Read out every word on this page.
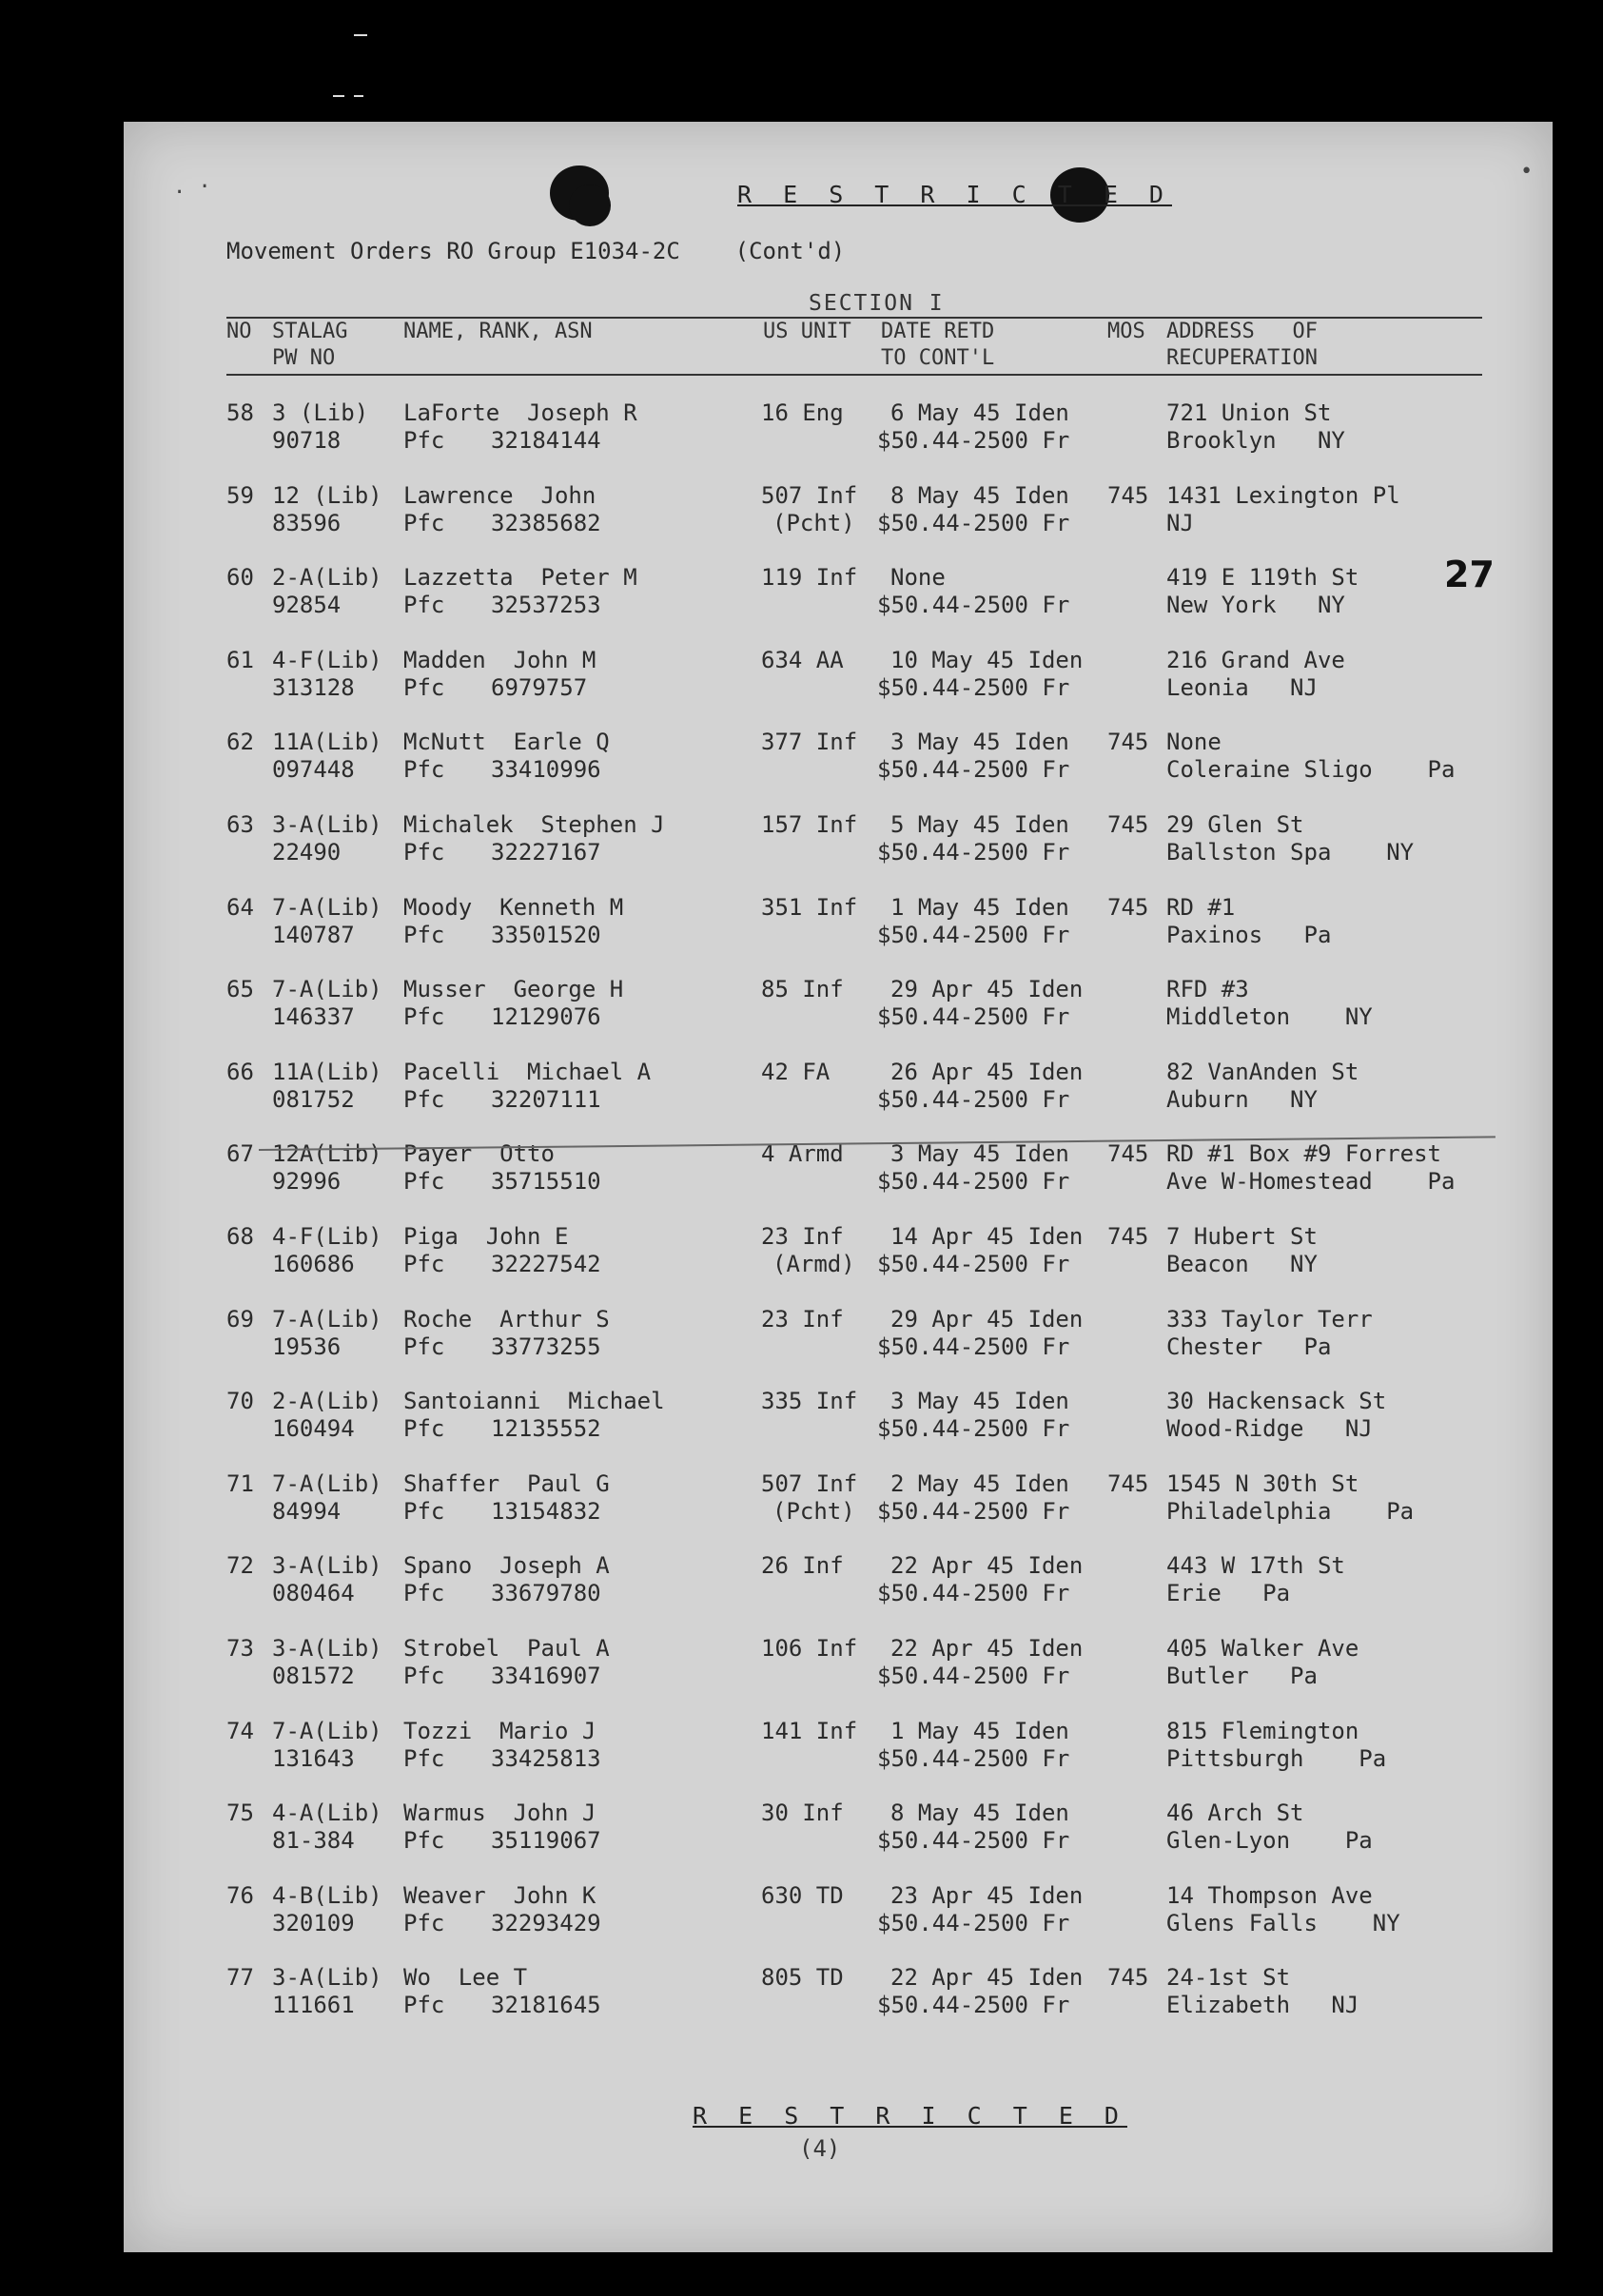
. ·
•
R E S T R I C T E D
Movement Orders RO Group E1034-2C (Cont'd)
SECTION I
NO STALAG
PW NO
NAME, RANK, ASN	US UNIT DATE RETD
TO CONT'L
MOS ADDRESS   OF
RECUPERATION
27
58 3 (Lib)
90718
LaForte  Joseph R
Pfc 32184144
16 Eng 6 May 45 Iden
$50.44-2500 Fr
721 Union St
Brooklyn   NY
59 12 (Lib)
83596
Lawrence  John
Pfc 32385682
507 Inf
(Pcht)
8 May 45 Iden
$50.44-2500 Fr
745 1431 Lexington Pl
NJ
60 2-A(Lib)
92854
Lazzetta  Peter M
Pfc 32537253
119 Inf None
$50.44-2500 Fr
419 E 119th St
New York   NY
61 4-F(Lib)
313128
Madden  John M
Pfc 6979757
634 AA 10 May 45 Iden
$50.44-2500 Fr
216 Grand Ave
Leonia   NJ
62 11A(Lib)
097448
McNutt  Earle Q
Pfc 33410996
377 Inf 3 May 45 Iden
$50.44-2500 Fr
745 None
Coleraine Sligo    Pa
63 3-A(Lib)
22490
Michalek  Stephen J
Pfc 32227167
157 Inf 5 May 45 Iden
$50.44-2500 Fr
745 29 Glen St
Ballston Spa    NY
64 7-A(Lib)
140787
Moody  Kenneth M
Pfc 33501520
351 Inf 1 May 45 Iden
$50.44-2500 Fr
745 RD #1
Paxinos   Pa
65 7-A(Lib)
146337
Musser  George H
Pfc 12129076
85 Inf 29 Apr 45 Iden
$50.44-2500 Fr
RFD #3
Middleton    NY
66 11A(Lib)
081752
Pacelli  Michael A
Pfc 32207111
42 FA	26 Apr 45 Iden
$50.44-2500 Fr
82 VanAnden St
Auburn   NY
67 12A(Lib)
92996
Payer  Otto
Pfc 35715510
4 Armd 3 May 45 Iden
$50.44-2500 Fr
745 RD #1 Box #9 Forrest
Ave W-Homestead    Pa
68 4-F(Lib)
160686
Piga  John E
Pfc 32227542
23 Inf
(Armd)
14 Apr 45 Iden
$50.44-2500 Fr
745 7 Hubert St
Beacon   NY
69 7-A(Lib)
19536
Roche  Arthur S
Pfc 33773255
23 Inf 29 Apr 45 Iden
$50.44-2500 Fr
333 Taylor Terr
Chester   Pa
70 2-A(Lib)
160494
Santoianni  Michael
Pfc 12135552
335 Inf 3 May 45 Iden
$50.44-2500 Fr
30 Hackensack St
Wood-Ridge   NJ
71 7-A(Lib)
84994
Shaffer  Paul G
Pfc 13154832
507 Inf
(Pcht)
2 May 45 Iden
$50.44-2500 Fr
745 1545 N 30th St
Philadelphia    Pa
72 3-A(Lib)
080464
Spano  Joseph A
Pfc 33679780
26 Inf 22 Apr 45 Iden
$50.44-2500 Fr
443 W 17th St
Erie   Pa
73 3-A(Lib)
081572
Strobel  Paul A
Pfc 33416907
106 Inf 22 Apr 45 Iden
$50.44-2500 Fr
405 Walker Ave
Butler   Pa
74 7-A(Lib)
131643
Tozzi  Mario J
Pfc 33425813
141 Inf 1 May 45 Iden
$50.44-2500 Fr
815 Flemington
Pittsburgh    Pa
75 4-A(Lib)
81-384
Warmus  John J
Pfc 35119067
30 Inf 8 May 45 Iden
$50.44-2500 Fr
46 Arch St
Glen-Lyon    Pa
76 4-B(Lib)
320109
Weaver  John K
Pfc 32293429
630 TD 23 Apr 45 Iden
$50.44-2500 Fr
14 Thompson Ave
Glens Falls    NY
77 3-A(Lib)
111661
Wo  Lee T
Pfc 32181645
805 TD 22 Apr 45 Iden
$50.44-2500 Fr
745 24-1st St
Elizabeth   NJ
R E S T R I C T E D
(4)
